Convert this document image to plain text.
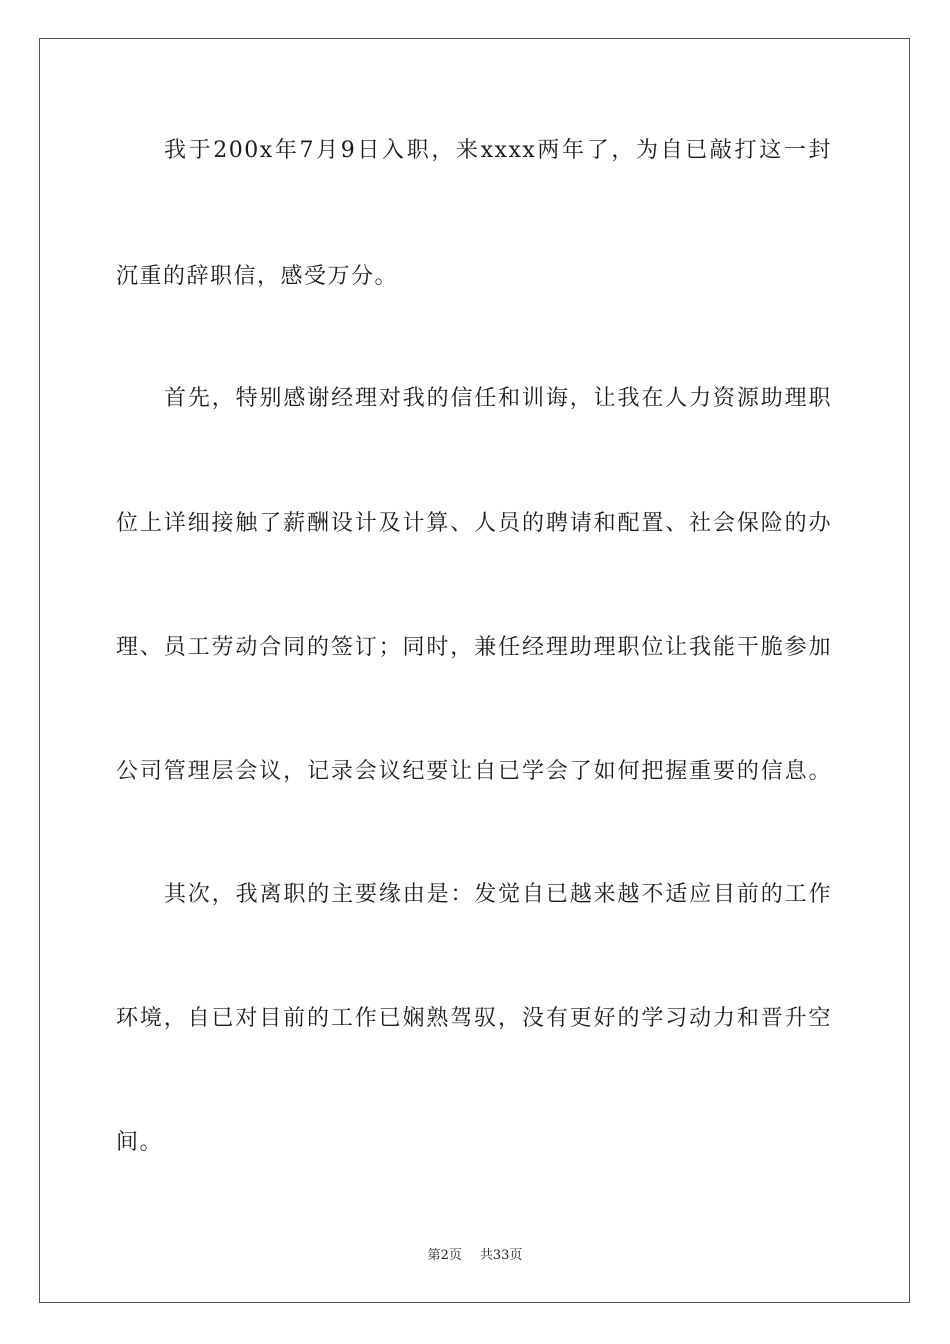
我于200x年7月9日入职，来xxxx两年了，为自已敲打这一封
沉重的辞职信，感受万分。
首先，特别感谢经理对我的信任和训诲，让我在人力资源助理职
位上详细接触了薪酬设计及计算、人员的聘请和配置、社会保险的办
理、员工劳动合同的签订；同时，兼任经理助理职位让我能干脆参加
公司管理层会议，记录会议纪要让自已学会了如何把握重要的信息。
其次，我离职的主要缘由是：发觉自已越来越不适应目前的工作
环境，自已对目前的工作已娴熟驾驭，没有更好的学习动力和晋升空
间。
第2页 共33页
